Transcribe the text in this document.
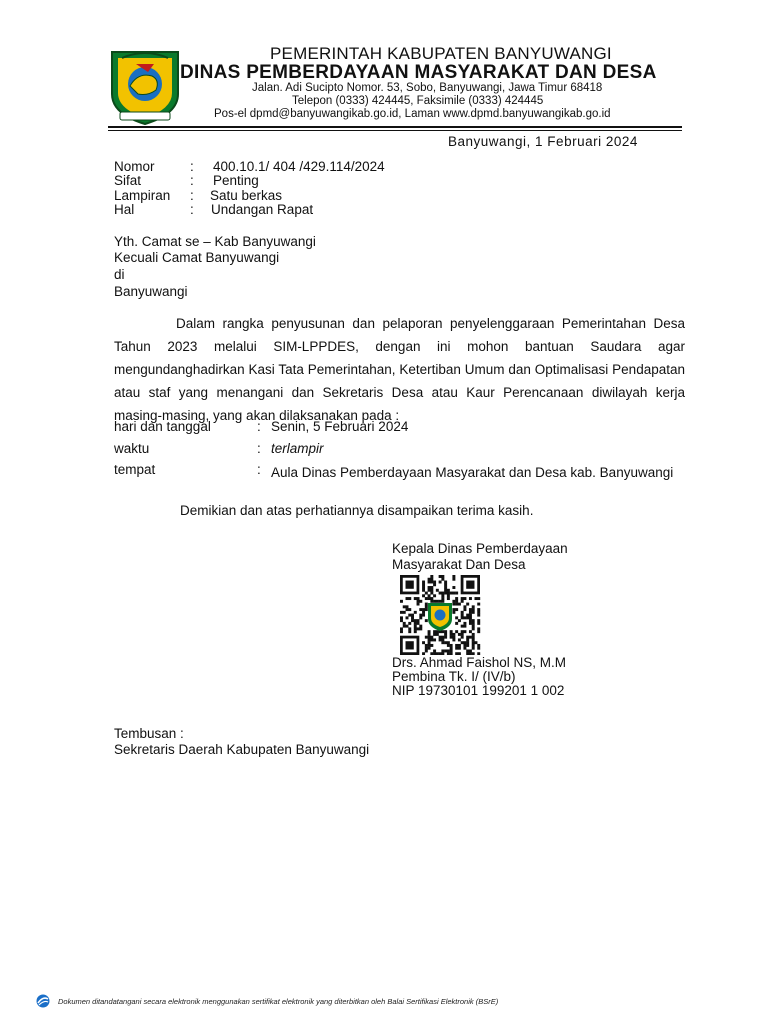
PEMERINTAH KABUPATEN BANYUWANGI
DINAS PEMBERDAYAAN MASYARAKAT DAN DESA
Jalan. Adi Sucipto Nomor. 53, Sobo, Banyuwangi, Jawa Timur 68418
Telepon (0333) 424445, Faksimile (0333) 424445
Pos-el dpmd@banyuwangikab.go.id, Laman www.dpmd.banyuwangikab.go.id
Banyuwangi, 1 Februari 2024
Nomor	: 400.10.1/ 404 /429.114/2024
Sifat	: Penting
Lampiran : Satu berkas
Hal	: Undangan Rapat
Yth. Camat se – Kab Banyuwangi
Kecuali Camat Banyuwangi
di
Banyuwangi

Dalam rangka penyusunan dan pelaporan penyelenggaraan Pemerintahan Desa Tahun 2023 melalui SIM-LPPDES, dengan ini mohon bantuan Saudara agar mengundanghadirkan Kasi Tata Pemerintahan, Ketertiban Umum dan Optimalisasi Pendapatan atau staf yang menangani dan Sekretaris Desa atau Kaur Perencanaan diwilayah kerja masing-masing, yang akan dilaksanakan pada :

hari dan tanggal	: Senin, 5 Februari 2024
waktu	: terlampir
tempat	: Aula Dinas Pemberdayaan Masyarakat dan Desa kab. Banyuwangi
Demikian dan atas perhatiannya disampaikan terima kasih.
Kepala Dinas Pemberdayaan
Masyarakat Dan Desa
Drs. Ahmad Faishol NS, M.M
Pembina Tk. I/ (IV/b)
NIP 19730101 199201 1 002
Tembusan :
Sekretaris Daerah Kabupaten Banyuwangi
Dokumen ditandatangani secara elektronik menggunakan sertifikat elektronik yang diterbitkan oleh Balai Sertifikasi Elektronik (BSrE)
